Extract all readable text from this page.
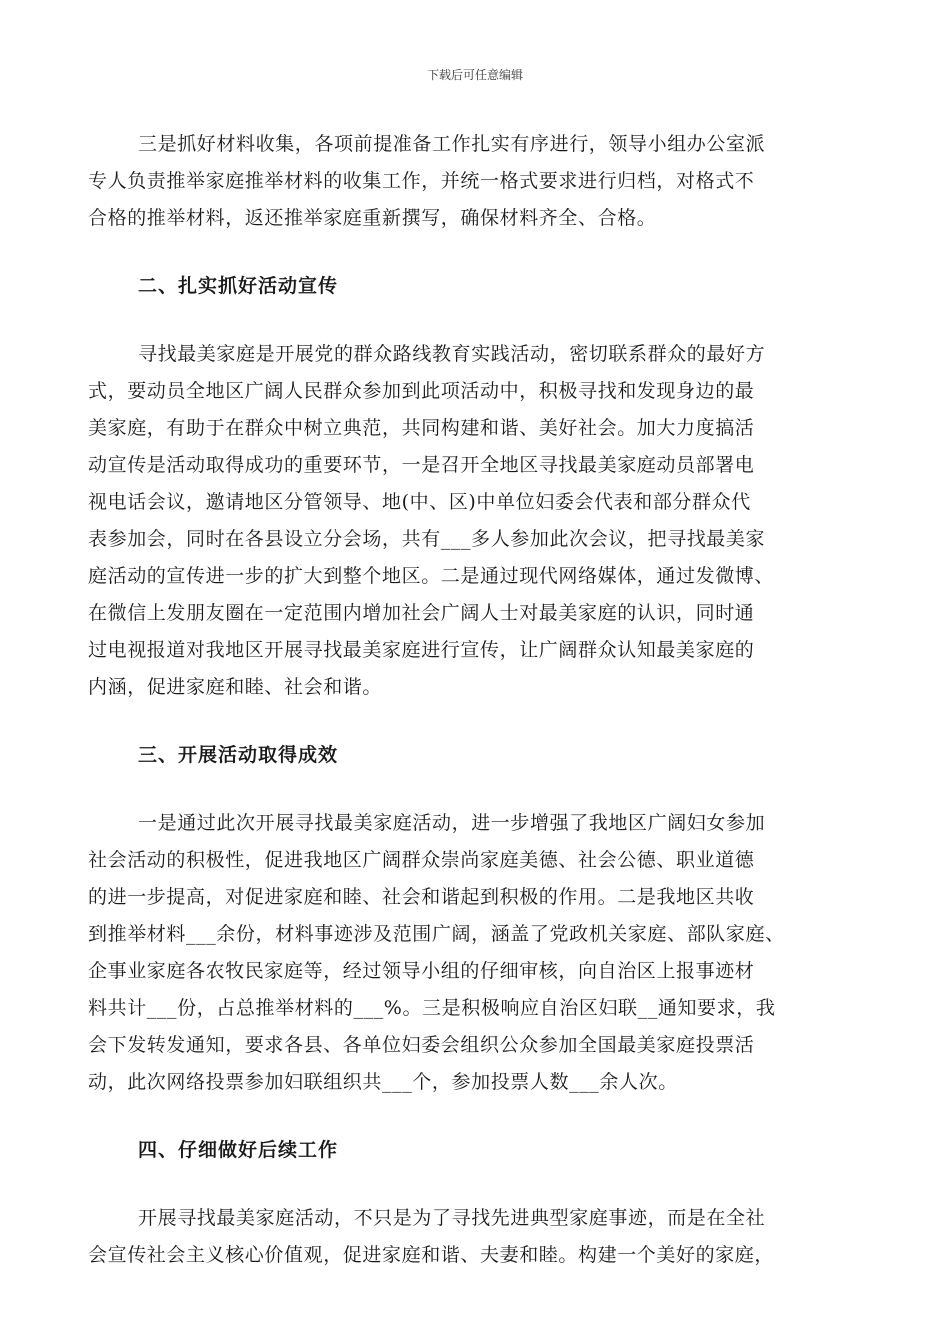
下载后可任意编辑
三是抓好材料收集，各项前提准备工作扎实有序进行，领导小组办公室派
专人负责推举家庭推举材料的收集工作，并统一格式要求进行归档，对格式不
合格的推举材料，返还推举家庭重新撰写，确保材料齐全、合格。
二、扎实抓好活动宣传
寻找最美家庭是开展党的群众路线教育实践活动，密切联系群众的最好方
式，要动员全地区广阔人民群众参加到此项活动中，积极寻找和发现身边的最
美家庭，有助于在群众中树立典范，共同构建和谐、美好社会。加大力度搞活
动宣传是活动取得成功的重要环节，一是召开全地区寻找最美家庭动员部署电
视电话会议，邀请地区分管领导、地(中、区)中单位妇委会代表和部分群众代
表参加会，同时在各县设立分会场，共有___多人参加此次会议，把寻找最美家
庭活动的宣传进一步的扩大到整个地区。二是通过现代网络媒体，通过发微博、
在微信上发朋友圈在一定范围内增加社会广阔人士对最美家庭的认识，同时通
过电视报道对我地区开展寻找最美家庭进行宣传，让广阔群众认知最美家庭的
内涵，促进家庭和睦、社会和谐。
三、开展活动取得成效
一是通过此次开展寻找最美家庭活动，进一步增强了我地区广阔妇女参加
社会活动的积极性，促进我地区广阔群众崇尚家庭美德、社会公德、职业道德
的进一步提高，对促进家庭和睦、社会和谐起到积极的作用。二是我地区共收
到推举材料___余份，材料事迹涉及范围广阔，涵盖了党政机关家庭、部队家庭、
企事业家庭各农牧民家庭等，经过领导小组的仔细审核，向自治区上报事迹材
料共计___份，占总推举材料的___%。三是积极响应自治区妇联__通知要求，我
会下发转发通知，要求各县、各单位妇委会组织公众参加全国最美家庭投票活
动，此次网络投票参加妇联组织共___个，参加投票人数___余人次。
四、仔细做好后续工作
开展寻找最美家庭活动，不只是为了寻找先进典型家庭事迹，而是在全社
会宣传社会主义核心价值观，促进家庭和谐、夫妻和睦。构建一个美好的家庭，
